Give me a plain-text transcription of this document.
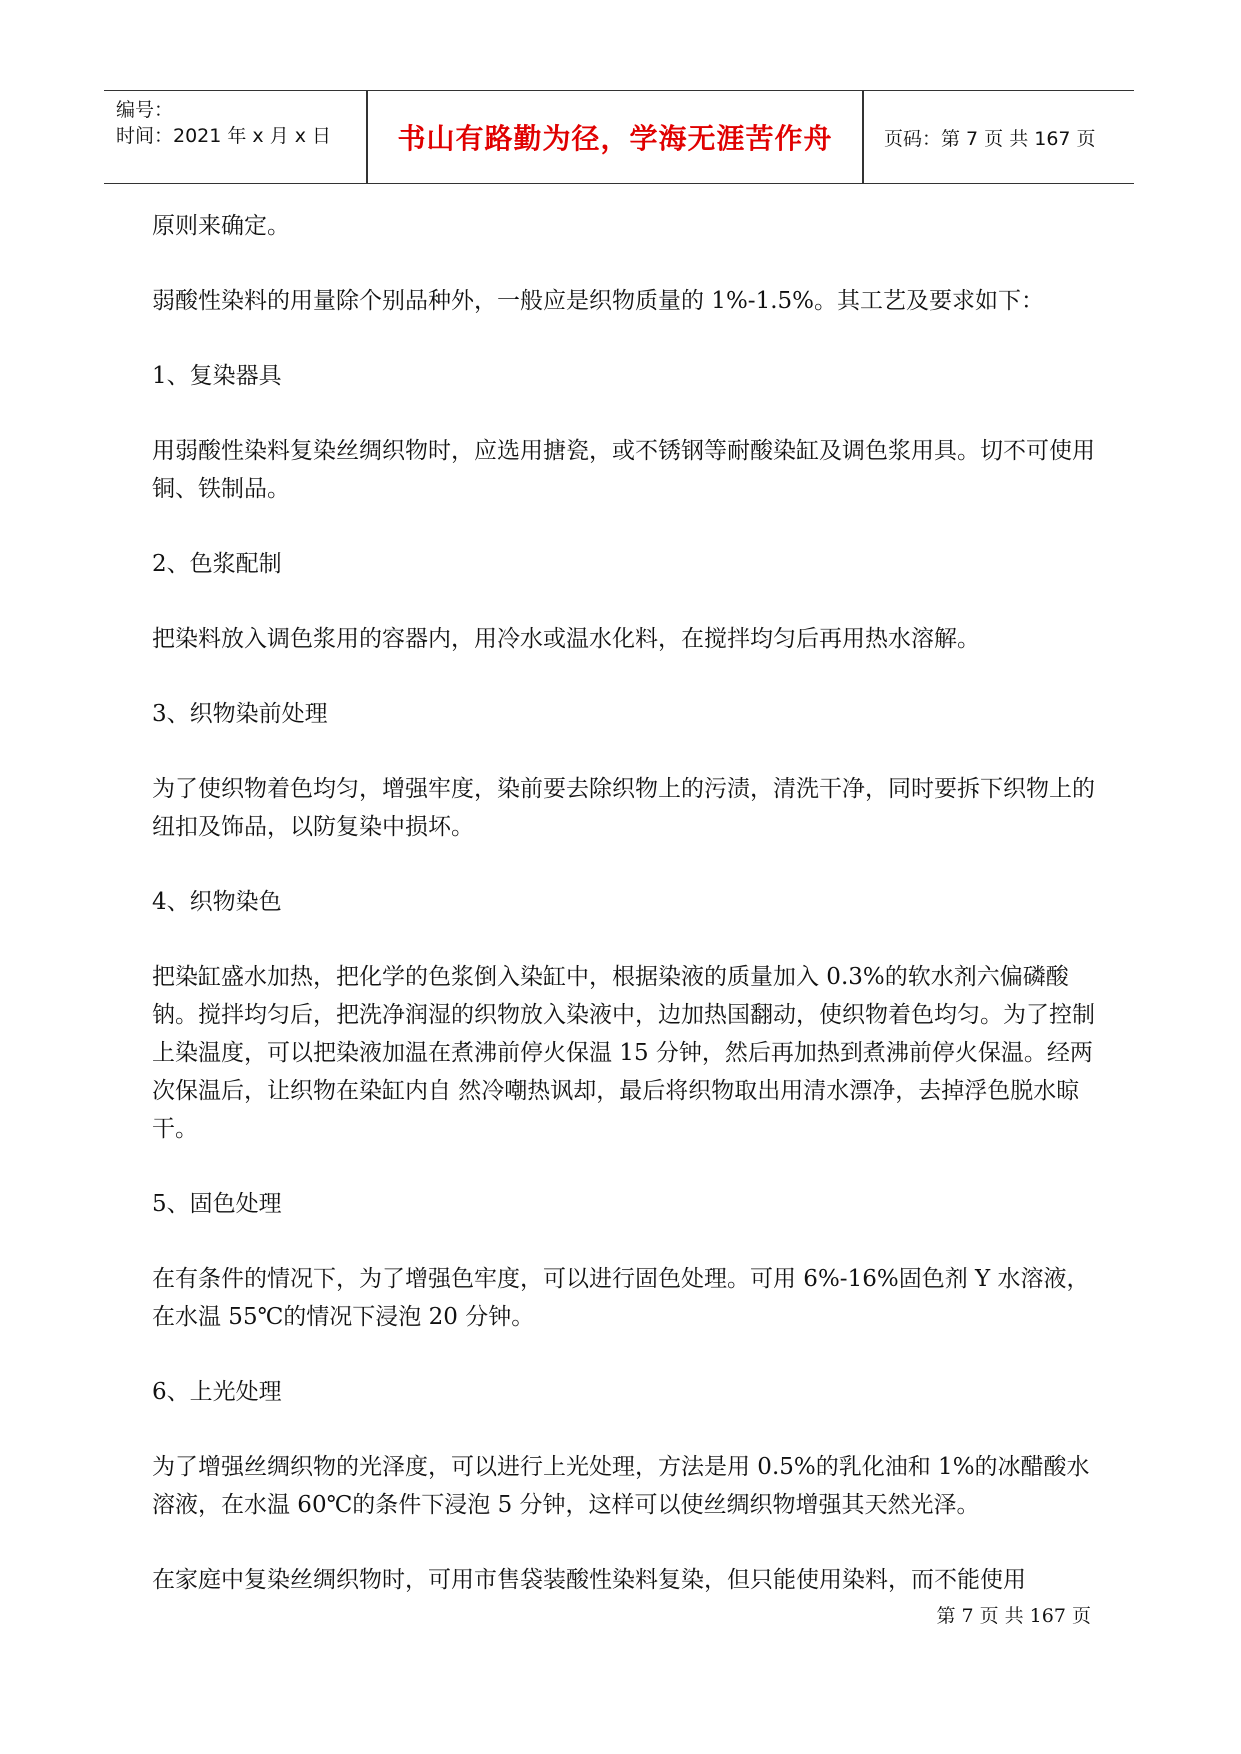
编号：
时间：2021 年 x 月 x 日	书山有路勤为径，学海无涯苦作舟	页码：第 7 页 共 167 页

原则来确定。

弱酸性染料的用量除个别品种外，一般应是织物质量的 1%-1.5%。其工艺及要求如下：

1、复染器具

用弱酸性染料复染丝绸织物时，应选用搪瓷，或不锈钢等耐酸染缸及调色浆用具。切不可使用铜、铁制品。

2、色浆配制

把染料放入调色浆用的容器内，用冷水或温水化料，在搅拌均匀后再用热水溶解。

3、织物染前处理

为了使织物着色均匀，增强牢度，染前要去除织物上的污渍，清洗干净，同时要拆下织物上的纽扣及饰品，以防复染中损坏。

4、织物染色

把染缸盛水加热，把化学的色浆倒入染缸中，根据染液的质量加入 0.3%的软水剂六偏磷酸钠。搅拌均匀后，把洗净润湿的织物放入染液中，边加热国翻动，使织物着色均匀。为了控制上染温度，可以把染液加温在煮沸前停火保温 15 分钟，然后再加热到煮沸前停火保温。经两次保温后，让织物在染缸内自 然冷嘲热讽却，最后将织物取出用清水漂净，去掉浮色脱水晾干。

5、固色处理

在有条件的情况下，为了增强色牢度，可以进行固色处理。可用 6%-16%固色剂 Y 水溶液，在水温 55℃的情况下浸泡 20 分钟。

6、上光处理

为了增强丝绸织物的光泽度，可以进行上光处理，方法是用 0.5%的乳化油和 1%的冰醋酸水溶液，在水温 60℃的条件下浸泡 5 分钟，这样可以使丝绸织物增强其天然光泽。

在家庭中复染丝绸织物时，可用市售袋装酸性染料复染，但只能使用染料，而不能使用

第 7 页 共 167 页
